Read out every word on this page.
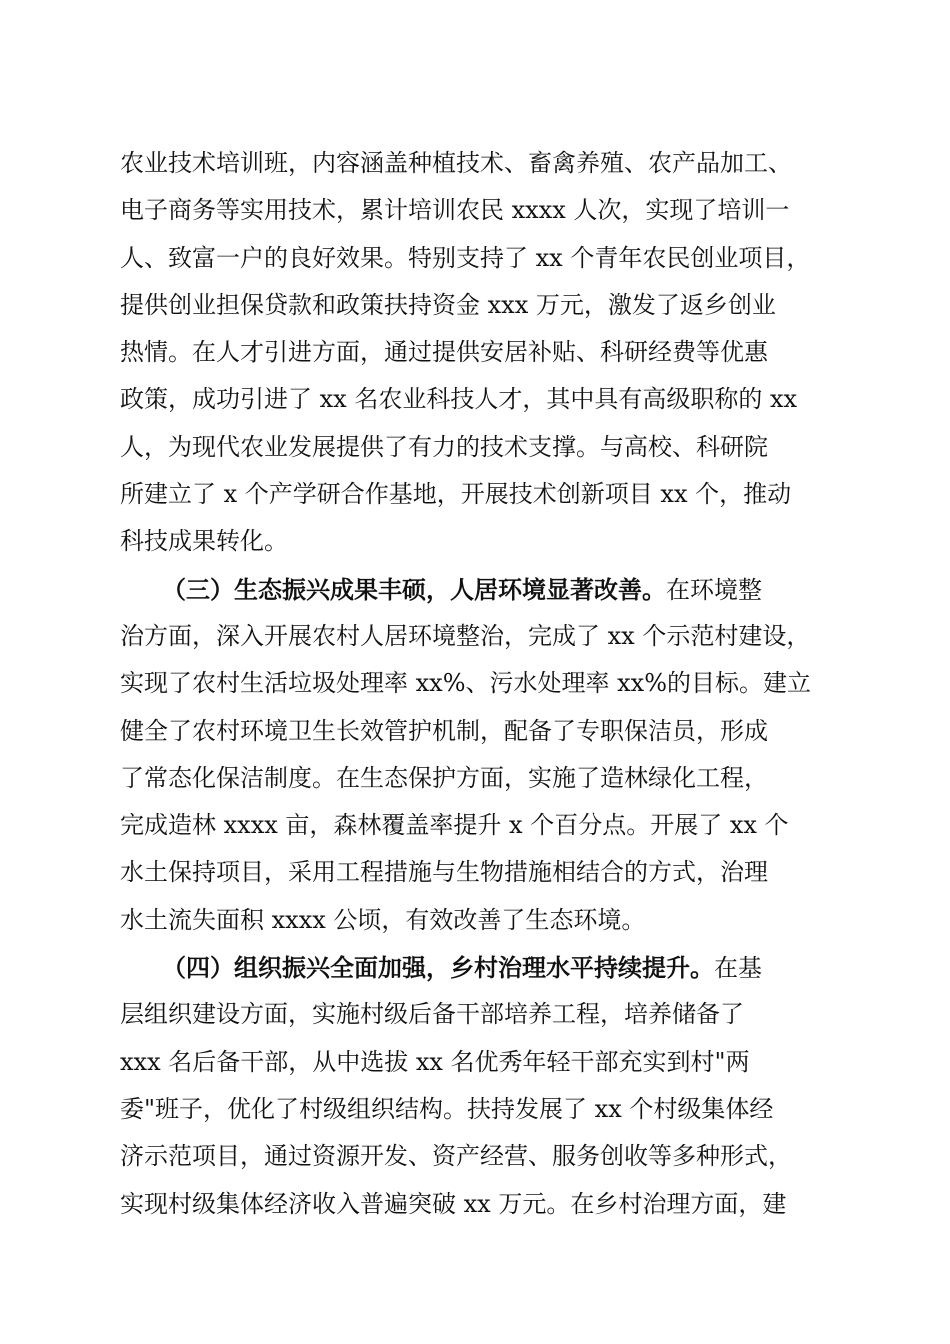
农业技术培训班，内容涵盖种植技术、畜禽养殖、农产品加工、
电子商务等实用技术，累计培训农民 xxxx 人次，实现了培训一
人、致富一户的良好效果。特别支持了 xx 个青年农民创业项目，
提供创业担保贷款和政策扶持资金 xxx 万元，激发了返乡创业
热情。在人才引进方面，通过提供安居补贴、科研经费等优惠
政策，成功引进了 xx 名农业科技人才，其中具有高级职称的 xx
人，为现代农业发展提供了有力的技术支撑。与高校、科研院
所建立了 x 个产学研合作基地，开展技术创新项目 xx 个，推动
科技成果转化。
（三）生态振兴成果丰硕，人居环境显著改善。在环境整
治方面，深入开展农村人居环境整治，完成了 xx 个示范村建设，
实现了农村生活垃圾处理率 xx%、污水处理率 xx%的目标。建立
健全了农村环境卫生长效管护机制，配备了专职保洁员，形成
了常态化保洁制度。在生态保护方面，实施了造林绿化工程，
完成造林 xxxx 亩，森林覆盖率提升 x 个百分点。开展了 xx 个
水土保持项目，采用工程措施与生物措施相结合的方式，治理
水土流失面积 xxxx 公顷，有效改善了生态环境。
（四）组织振兴全面加强，乡村治理水平持续提升。在基
层组织建设方面，实施村级后备干部培养工程，培养储备了
xxx 名后备干部，从中选拔 xx 名优秀年轻干部充实到村"两
委"班子，优化了村级组织结构。扶持发展了 xx 个村级集体经
济示范项目，通过资源开发、资产经营、服务创收等多种形式，
实现村级集体经济收入普遍突破 xx 万元。在乡村治理方面，建
